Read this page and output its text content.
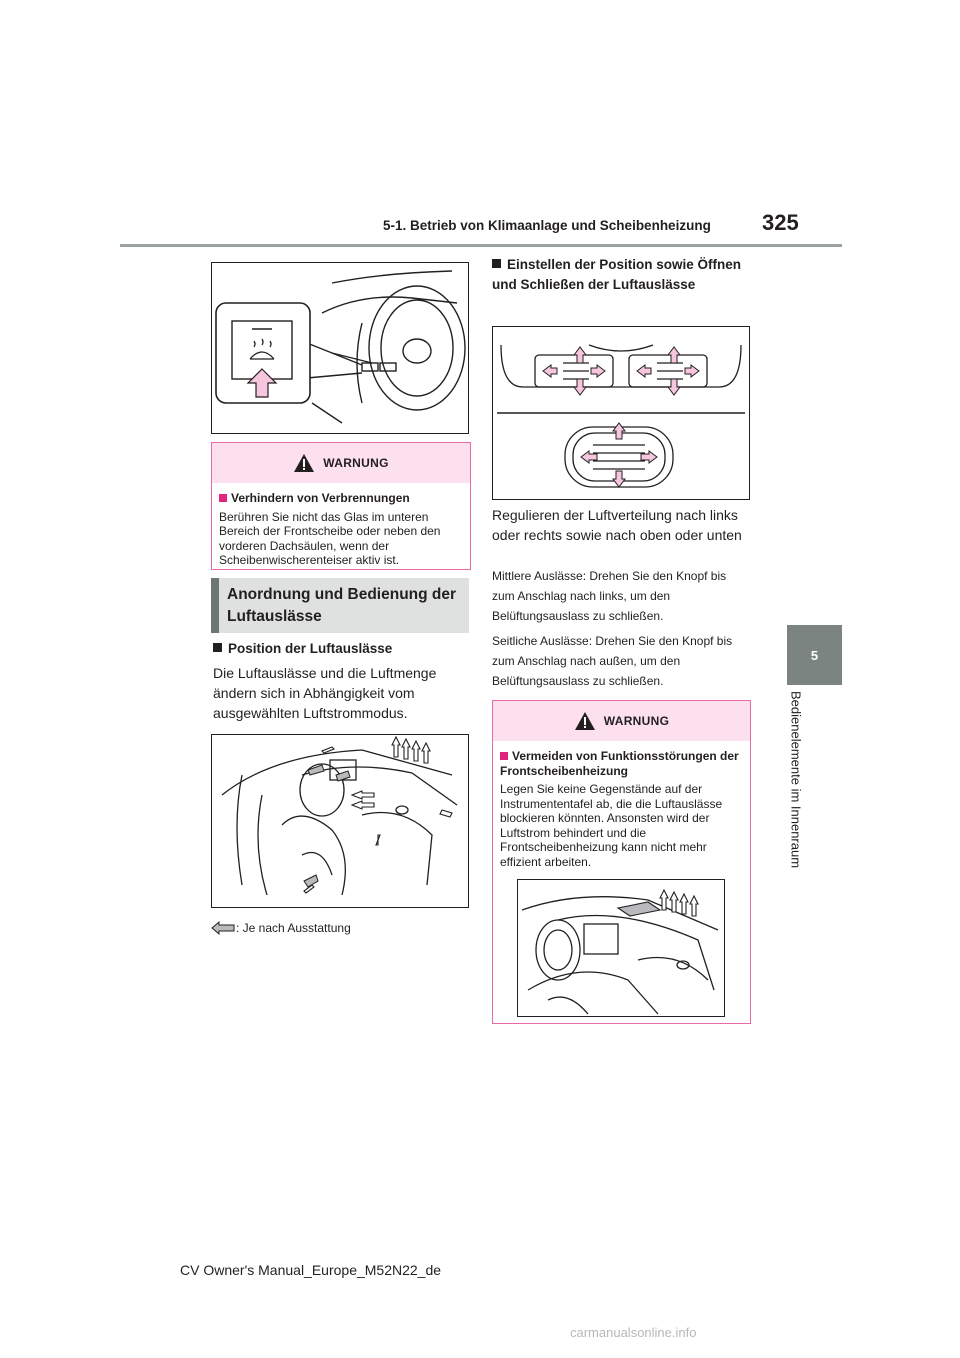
5-1. Betrieb von Klimaanlage und Scheibenheizung 325
5
Bedienelemente im Innenraum
WARNUNG
Verhindern von Verbrennungen
Berühren Sie nicht das Glas im unteren Bereich der Frontscheibe oder neben den vorderen Dachsäulen, wenn der Scheibenwischerenteiser aktiv ist.
Anordnung und Bedienung der Luftauslässe
Position der Luftauslässe
Die Luftauslässe und die Luftmenge ändern sich in Abhängigkeit vom ausgewählten Luftstrommodus.
: Je nach Ausstattung
Einstellen der Position sowie Öffnen und Schließen der Luftauslässe
Regulieren der Luftverteilung nach links oder rechts sowie nach oben oder unten
Mittlere Auslässe: Drehen Sie den Knopf bis zum Anschlag nach links, um den Belüftungsauslass zu schließen.
Seitliche Auslässe: Drehen Sie den Knopf bis zum Anschlag nach außen, um den Belüftungsauslass zu schließen.
WARNUNG
Vermeiden von Funktionsstörungen der Frontscheibenheizung
Legen Sie keine Gegenstände auf der Instrumententafel ab, die die Luftauslässe blockieren könnten. Ansonsten wird der Luftstrom behindert und die Frontscheibenheizung kann nicht mehr effizient arbeiten.
CV Owner's Manual_Europe_M52N22_de
carmanualsonline.info
